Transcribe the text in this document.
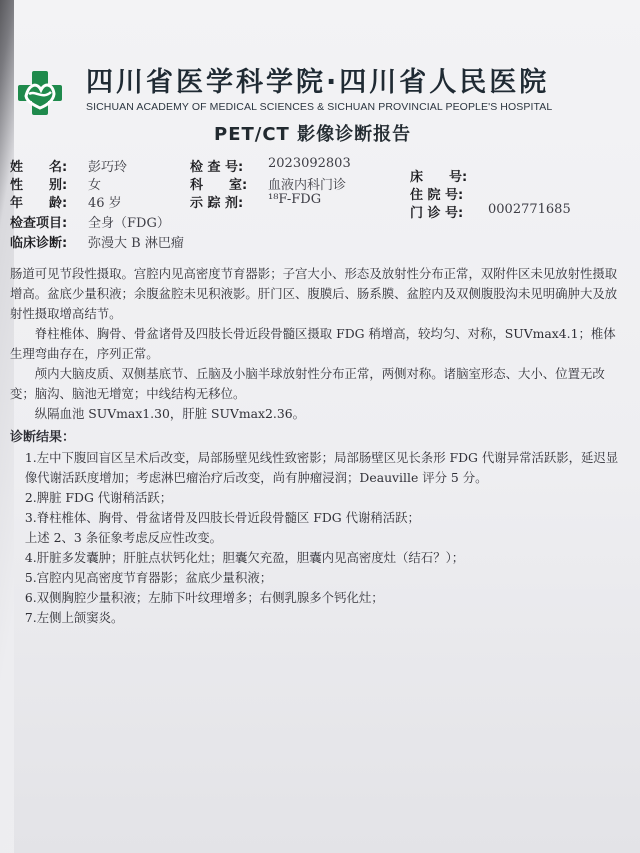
四川省医学科学院·四川省人民医院
SICHUAN ACADEMY OF MEDICAL SCIENCES & SICHUAN PROVINCIAL PEOPLE'S HOSPITAL
PET/CT 影像诊断报告
姓　　名: 彭巧玲
性　　别: 女
年　　龄: 46 岁
检查项目: 全身（FDG）
临床诊断: 弥漫大 B 淋巴瘤
检 查 号: 2023092803
科　　室: 血液内科门诊
示 踪 剂: ¹⁸F-FDG
床　　号:
住 院 号:
门 诊 号: 0002771685

肠道可见节段性摄取。宫腔内见高密度节育器影；子宫大小、形态及放射性分布正常，双附件区未见放射性摄取增高。盆底少量积液；余腹盆腔未见积液影。肝门区、腹膜后、肠系膜、盆腔内及双侧腹股沟未见明确肿大及放射性摄取增高结节。

脊柱椎体、胸骨、骨盆诸骨及四肢长骨近段骨髓区摄取 FDG 稍增高，较均匀、对称，SUVmax4.1；椎体生理弯曲存在，序列正常。

颅内大脑皮质、双侧基底节、丘脑及小脑半球放射性分布正常，两侧对称。诸脑室形态、大小、位置无改变；脑沟、脑池无增宽；中线结构无移位。

纵隔血池 SUVmax1.30，肝脏 SUVmax2.36。

诊断结果：

1.左中下腹回盲区呈术后改变，局部肠壁见线性致密影；局部肠壁区见长条形 FDG 代谢异常活跃影，延迟显像代谢活跃度增加；考虑淋巴瘤治疗后改变，尚有肿瘤浸润；Deauville 评分 5 分。

2.脾脏 FDG 代谢稍活跃；

3.脊柱椎体、胸骨、骨盆诸骨及四肢长骨近段骨髓区 FDG 代谢稍活跃；

上述 2、3 条征象考虑反应性改变。

4.肝脏多发囊肿；肝脏点状钙化灶；胆囊欠充盈，胆囊内见高密度灶（结石？）；

5.宫腔内见高密度节育器影；盆底少量积液；

6.双侧胸腔少量积液；左肺下叶纹理增多；右侧乳腺多个钙化灶；

7.左侧上颌窦炎。
